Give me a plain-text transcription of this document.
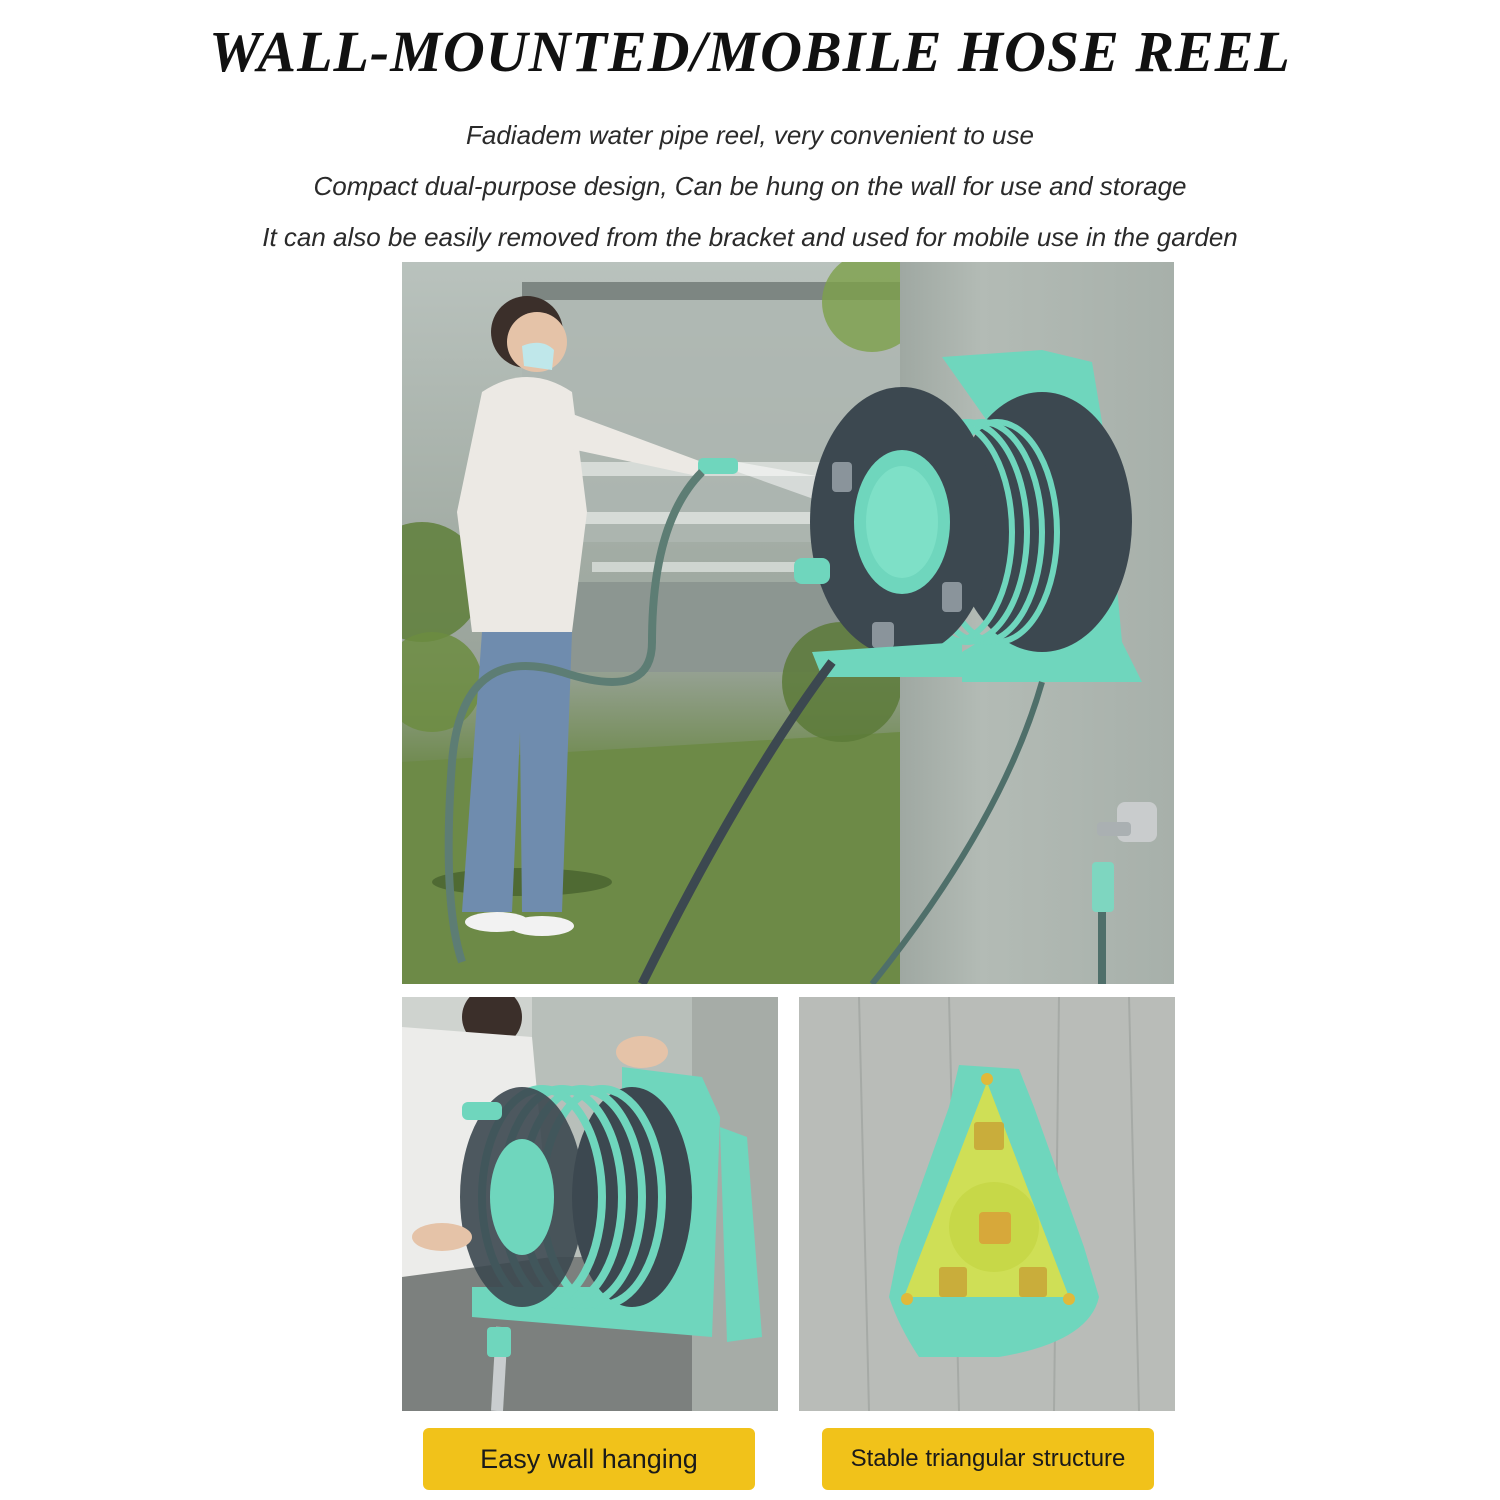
WALL-MOUNTED/MOBILE HOSE REEL
Fadiadem water pipe reel, very convenient to use
Compact dual-purpose design, Can be hung on the wall for use and storage
It can also be easily removed from the bracket and used for mobile use in the garden
Easy wall hanging	Stable triangular structure
